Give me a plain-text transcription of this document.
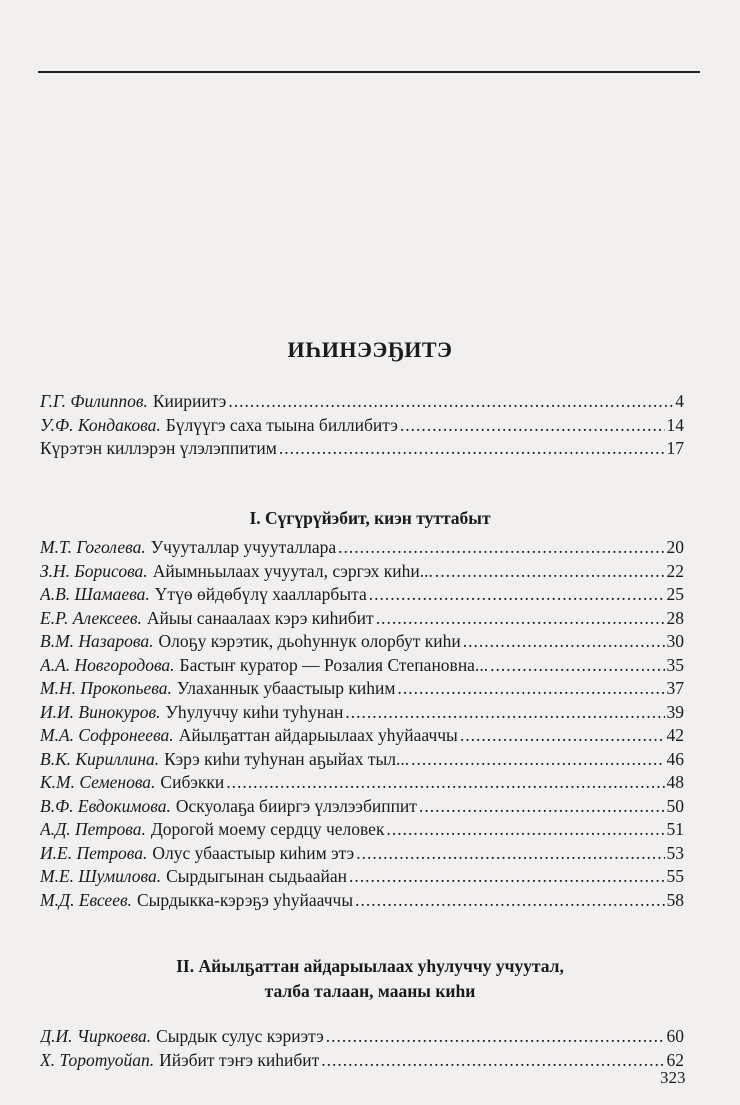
ИҺИНЭЭҔИТЭ
Г.Г. Филиппов. Киириитэ .....	4
У.Ф. Кондакова. Бүлүүгэ саха тыына биллибитэ .....	14
Күрэтэн киллэрэн үлэлэппитим .....	17
I. Сүгүрүйэбит, киэн туттабыт
М.Т. Гоголева. Учууталлар учууталлара .....	20
З.Н. Борисова. Айымньылаах учуутал, сэргэх киһи... .....	22
А.В. Шамаева. Үтүө өйдөбүлү хаалларбыта .....	25
Е.Р. Алексеев. Айыы санаалаах кэрэ киһибит .....	28
В.М. Назарова. Олоҕу кэрэтик, дьоһуннук олорбут киһи .....	30
А.А. Новгородова. Бастыҥ куратор — Розалия Степановна... .....	35
М.Н. Прокопьева. Улаханнык убаастыыр киһим .....	37
И.И. Винокуров. Уһулуччу киһи туһунан .....	39
М.А. Софронеева. Айылҕаттан айдарыылаах уһуйааччы .....	42
В.К. Кириллина. Кэрэ киһи туһунан аҕыйах тыл... .....	46
К.М. Семенова. Сибэкки .....	48
В.Ф. Евдокимова. Оскуолаҕа бииргэ үлэлээбиппит .....	50
А.Д. Петрова. Дорогой моему сердцу человек .....	51
И.Е. Петрова. Олус убаастыыр киһим этэ .....	53
М.Е. Шумилова. Сырдыгынан сыдьаайан .....	55
М.Д. Евсеев. Сырдыкка-кэрэҕэ уһуйааччы .....	58
II. Айылҕаттан айдарыылаах уһулуччу учуутал,
талба талаан, мааны киһи
Д.И. Чиркоева. Сырдык сулус кэриэтэ .....	60
Х. Торотуойап. Ийэбит тэҥэ киһибит .....	62
323
